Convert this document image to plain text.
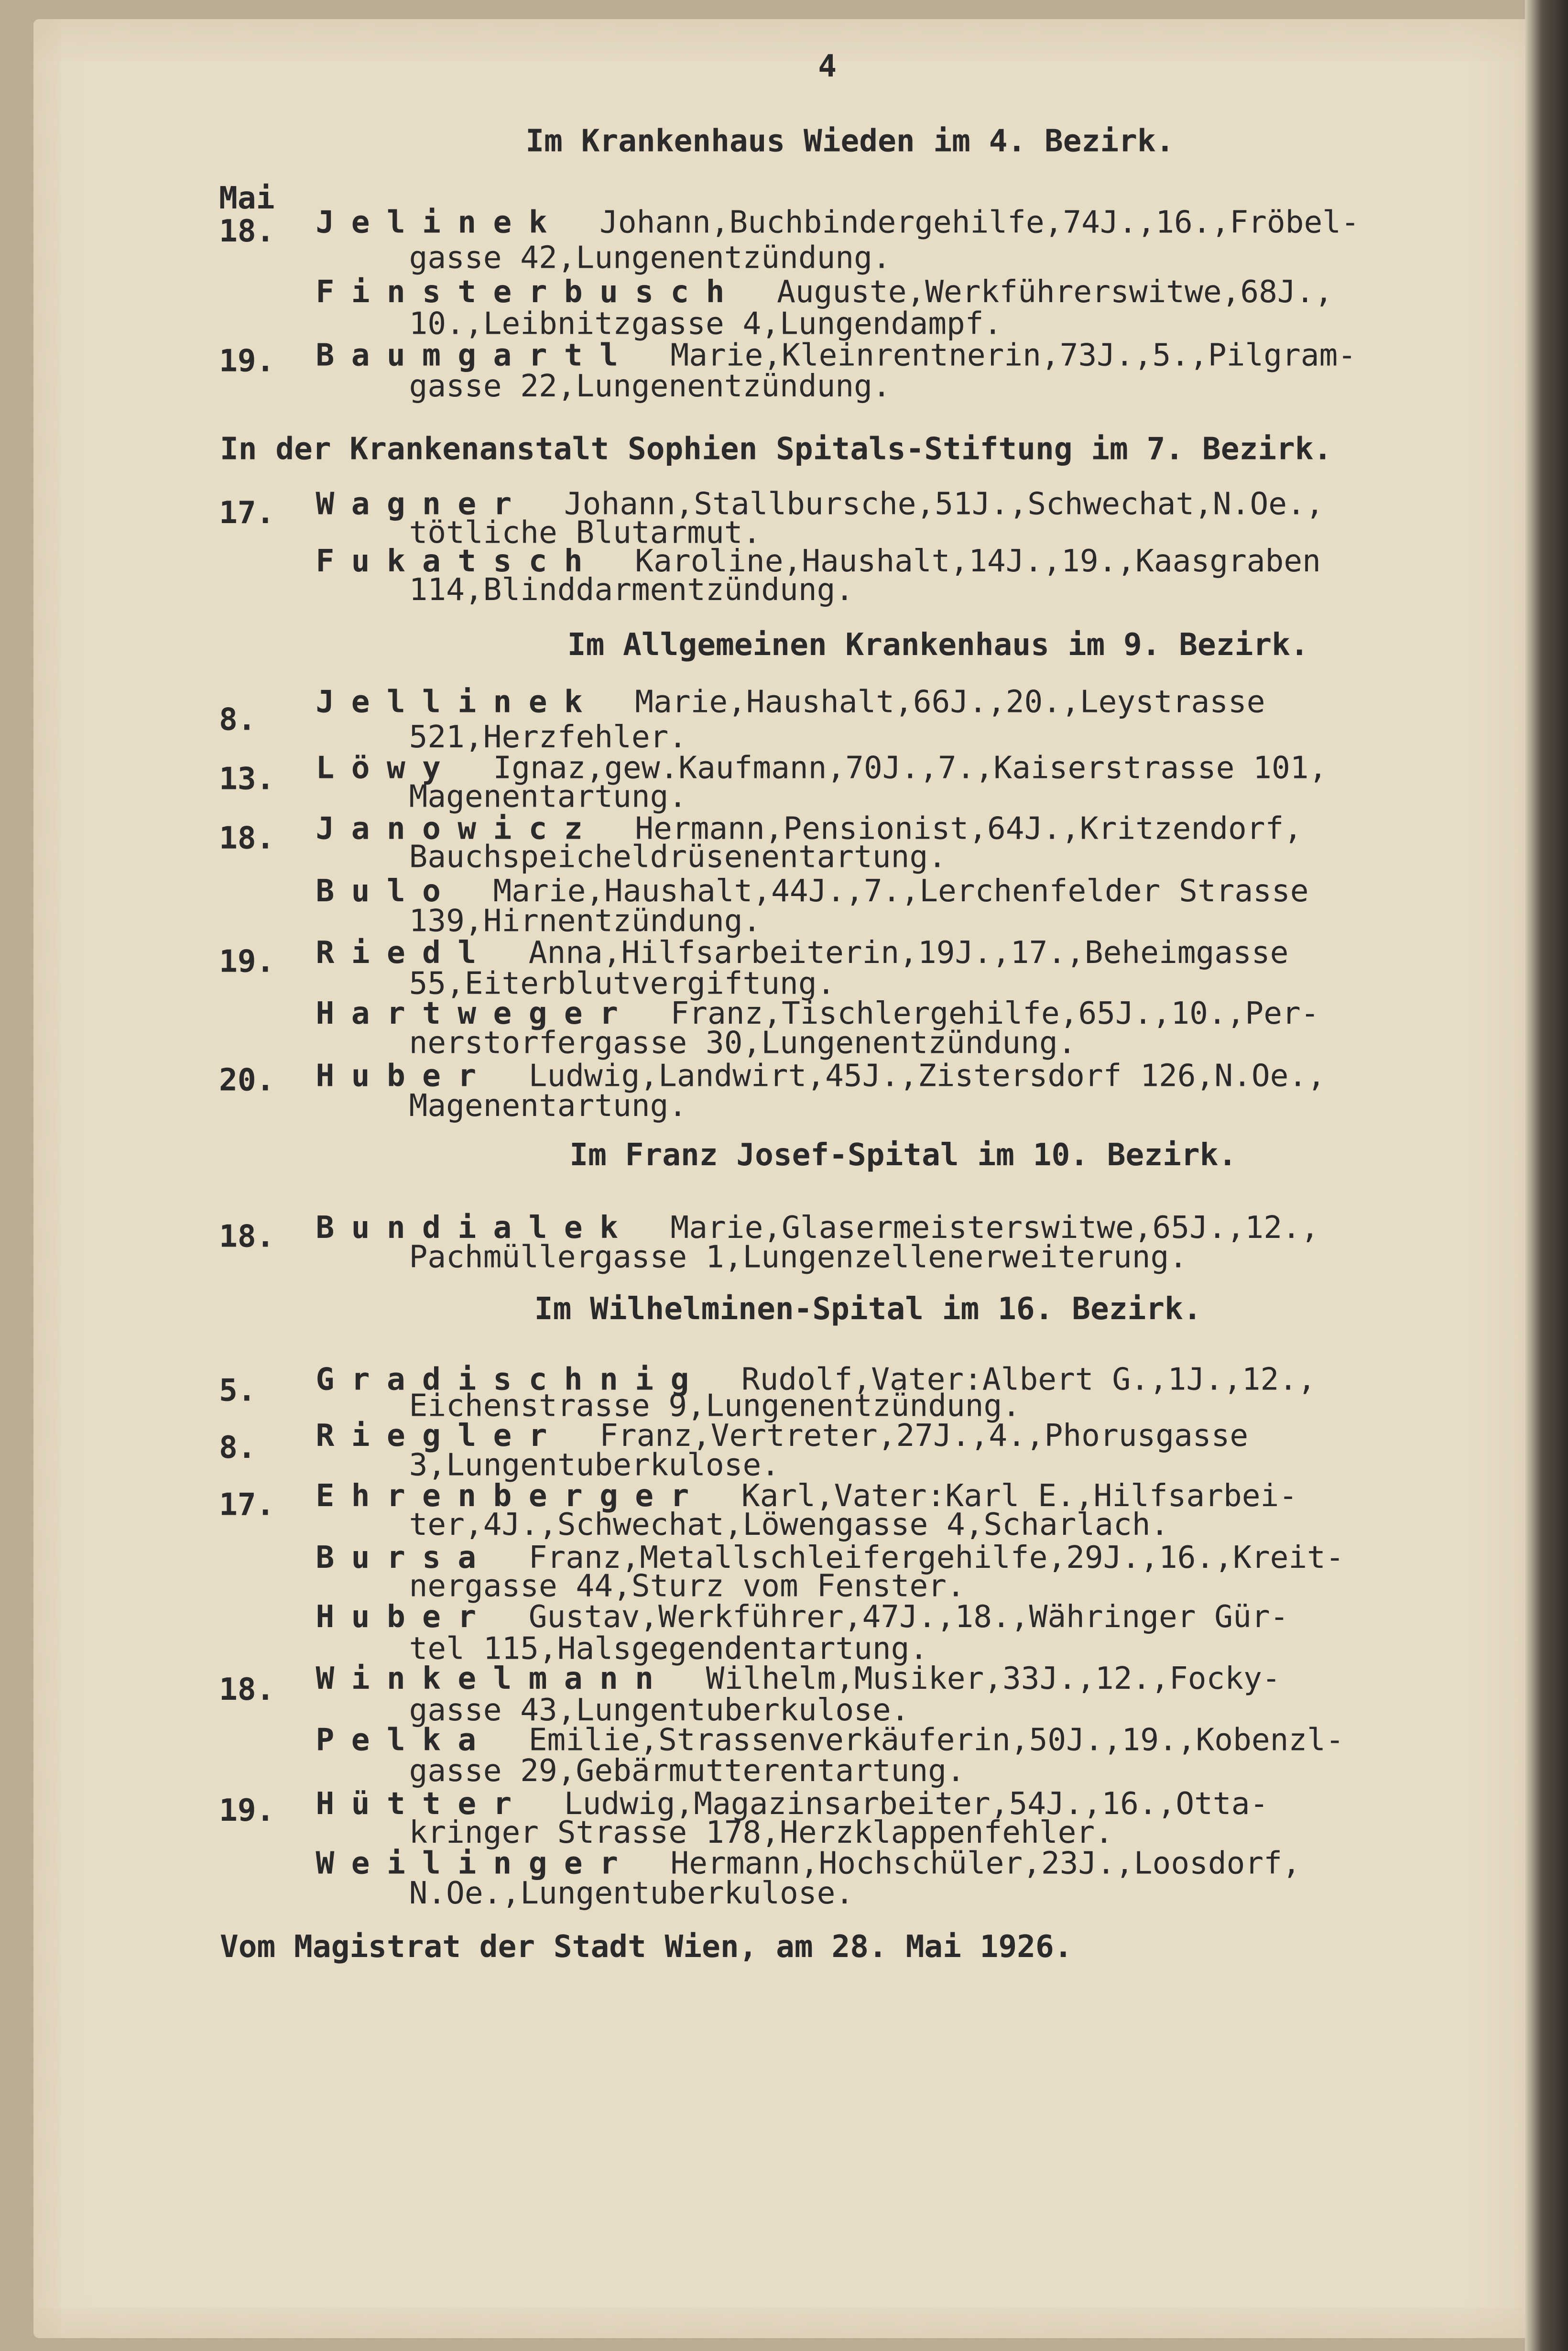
4
Im Krankenhaus Wieden im 4. Bezirk.
Mai
18. Jelinek Johann,Buchbindergehilfe,74J.,16.,Fröbel-
gasse 42,Lungenentzündung.
Finsterbusch Auguste,Werkführerswitwe,68J.,
10.,Leibnitzgasse 4,Lungendampf.
19. Baumgartl Marie,Kleinrentnerin,73J.,5.,Pilgram-
gasse 22,Lungenentzündung.
In der Krankenanstalt Sophien Spitals-Stiftung im 7. Bezirk.
17. Wagner Johann,Stallbursche,51J.,Schwechat,N.Oe.,
tötliche Blutarmut.
Fukatsch Karoline,Haushalt,14J.,19.,Kaasgraben
114,Blinddarmentzündung.
Im Allgemeinen Krankenhaus im 9. Bezirk.
8. Jellinek Marie,Haushalt,66J.,20.,Leystrasse
521,Herzfehler.
13. Löwy Ignaz,gew.Kaufmann,70J.,7.,Kaiserstrasse 101,
Magenentartung.
18. Janowicz Hermann,Pensionist,64J.,Kritzendorf,
Bauchspeicheldrüsenentartung.
Bulo Marie,Haushalt,44J.,7.,Lerchenfelder Strasse
139,Hirnentzündung.
19. Riedl Anna,Hilfsarbeiterin,19J.,17.,Beheimgasse
55,Eiterblutvergiftung.
Hartweger Franz,Tischlergehilfe,65J.,10.,Per-
nerstorfergasse 30,Lungenentzündung.
20. Huber Ludwig,Landwirt,45J.,Zistersdorf 126,N.Oe.,
Magenentartung.
Im Franz Josef-Spital im 10. Bezirk.
18. Bundialek Marie,Glasermeisterswitwe,65J.,12.,
Pachmüllergasse 1,Lungenzellenerweiterung.
Im Wilhelminen-Spital im 16. Bezirk.
5. Gradischnig Rudolf,Vater:Albert G.,1J.,12.,
Eichenstrasse 9,Lungenentzündung.
8. Riegler Franz,Vertreter,27J.,4.,Phorusgasse
3,Lungentuberkulose.
17. Ehrenberger Karl,Vater:Karl E.,Hilfsarbei-
ter,4J.,Schwechat,Löwengasse 4,Scharlach.
Bursa Franz,Metallschleifergehilfe,29J.,16.,Kreit-
nergasse 44,Sturz vom Fenster.
Huber Gustav,Werkführer,47J.,18.,Währinger Gür-
tel 115,Halsgegendentartung.
18. Winkelmann Wilhelm,Musiker,33J.,12.,Focky-
gasse 43,Lungentuberkulose.
Pelka Emilie,Strassenverkäuferin,50J.,19.,Kobenzl-
gasse 29,Gebärmutterentartung.
19. Hütter Ludwig,Magazinsarbeiter,54J.,16.,Otta-
kringer Strasse 178,Herzklappenfehler.
Weilinger Hermann,Hochschüler,23J.,Loosdorf,
N.Oe.,Lungentuberkulose.
Vom Magistrat der Stadt Wien, am 28. Mai 1926.
